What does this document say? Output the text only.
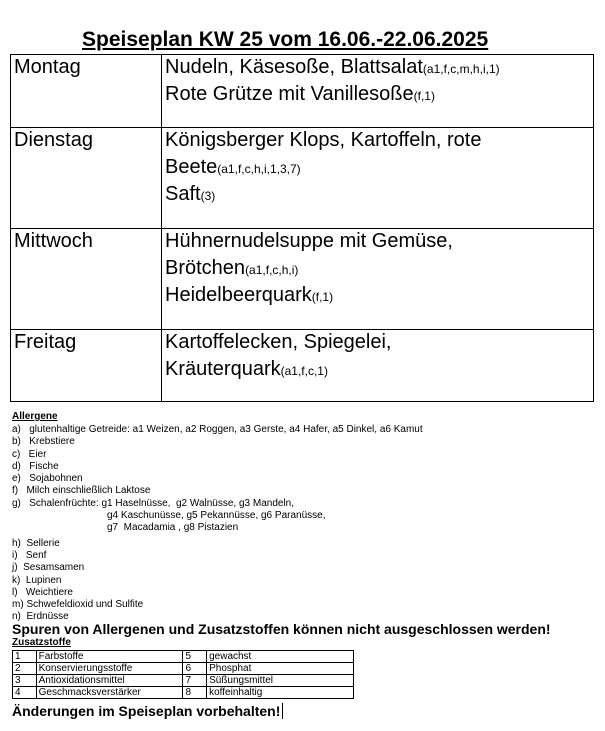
Speiseplan KW 25 vom 16.06.-22.06.2025
Montag	Nudeln, Käsesoße, Blattsalat(a1,f,c,m,h,i,1)
Rote Grütze mit Vanillesoße(f,1)

Dienstag	Königsberger Klops, Kartoffeln, rote
Beete(a1,f,c,h,i,1,3,7)
Saft(3)

Mittwoch	Hühnernudelsuppe mit Gemüse,
Brötchen(a1,f,c,h,i)
Heidelbeerquark(f,1)

Freitag	Kartoffelecken, Spiegelei,
Kräuterquark(a1,f,c,1)
Allergene
a)   glutenhaltige Getreide: a1 Weizen, a2 Roggen, a3 Gerste, a4 Hafer, a5 Dinkel, a6 Kamut
b)   Krebstiere
c)   Eier
d)   Fische
e)   Sojabohnen
f)   Milch einschließlich Laktose
g)   Schalenfrüchte: g1 Haselnüsse,  g2 Walnüsse, g3 Mandeln,
g4 Kaschunüsse, g5 Pekannüsse, g6 Paranüsse,
g7  Macadamia , g8 Pistazien
h)  Sellerie
i)   Senf
j)  Sesamsamen
k)  Lupinen
l)   Weichtiere
m) Schwefeldioxid und Sulfite
n)  Erdnüsse
Spuren von Allergenen und Zusatzstoffen können nicht ausgeschlossen werden!
Zusatzstoffe
1	Farbstoffe	5	gewachst
2	Konservierungsstoffe	6	Phosphat
3	Antioxidationsmittel	7	Süßungsmittel
4	Geschmacksverstärker	8	koffeinhaltig
Änderungen im Speiseplan vorbehalten!
